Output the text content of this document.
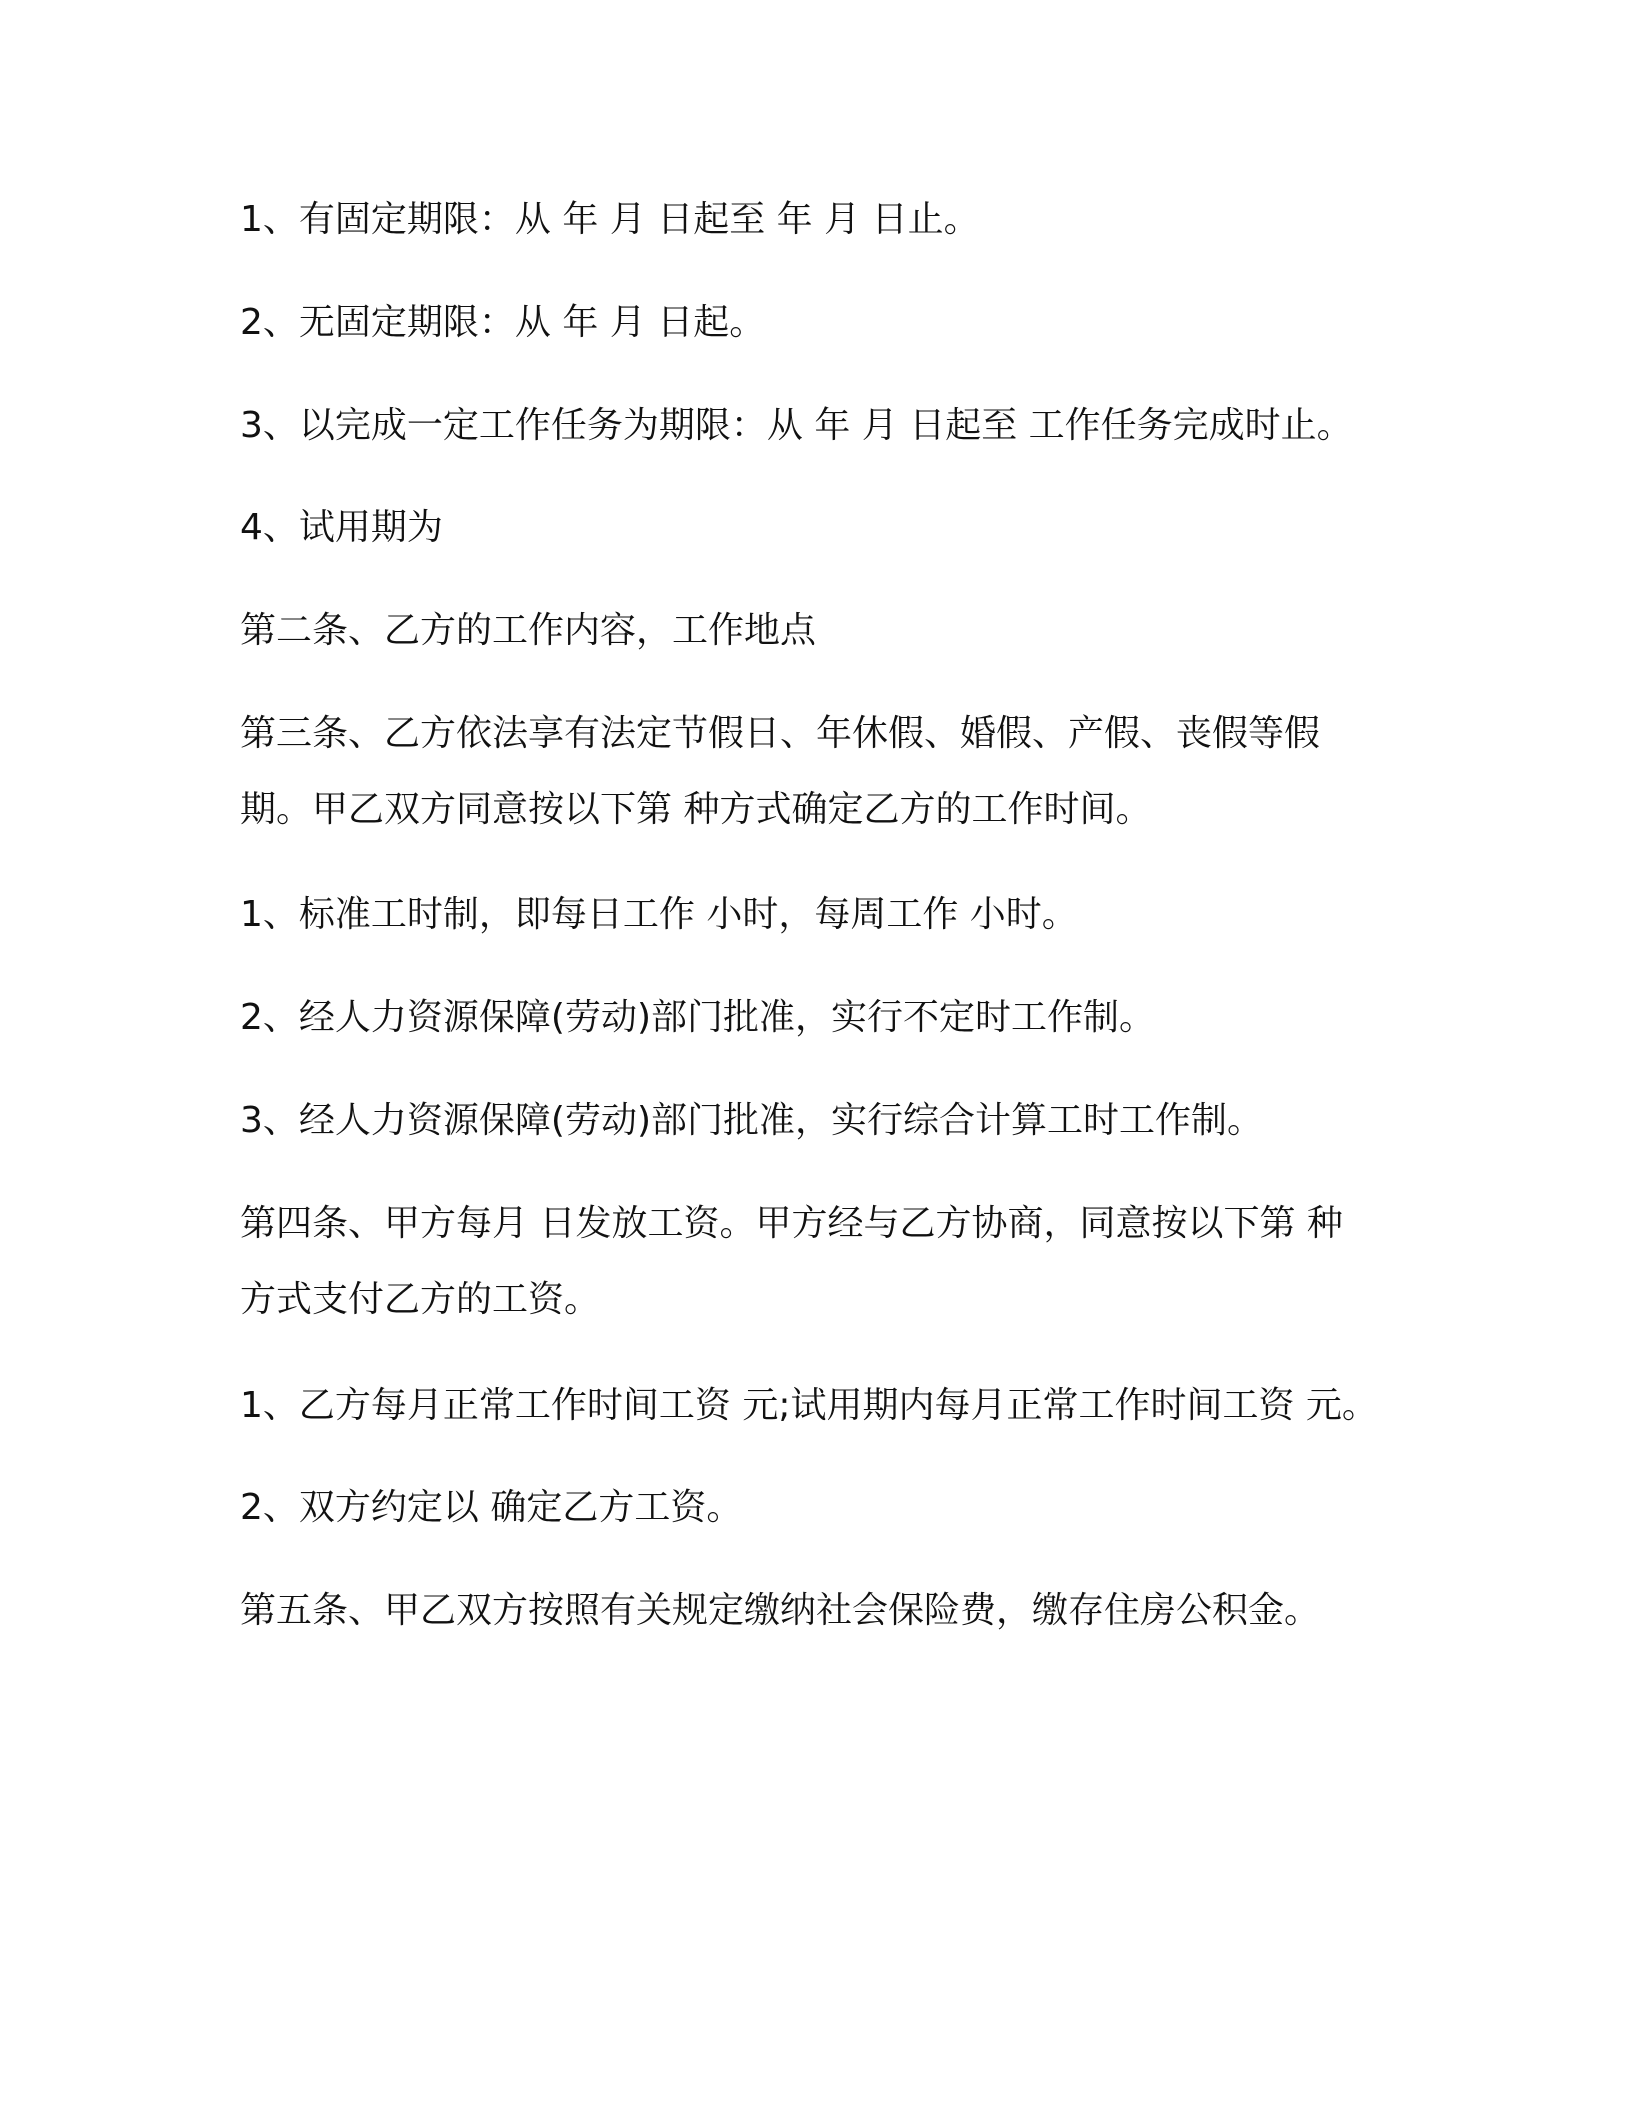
1、有固定期限：从 年 月 日起至 年 月 日止。

2、无固定期限：从 年 月 日起。

3、以完成一定工作任务为期限：从 年 月 日起至 工作任务完成时止。

4、试用期为

第二条、乙方的工作内容，工作地点

第三条、乙方依法享有法定节假日、年休假、婚假、产假、丧假等假

期。甲乙双方同意按以下第 种方式确定乙方的工作时间。

1、标准工时制，即每日工作 小时，每周工作 小时。

2、经人力资源保障(劳动)部门批准，实行不定时工作制。

3、经人力资源保障(劳动)部门批准，实行综合计算工时工作制。

第四条、甲方每月 日发放工资。甲方经与乙方协商，同意按以下第 种

方式支付乙方的工资。

1、乙方每月正常工作时间工资 元;试用期内每月正常工作时间工资 元。

2、双方约定以 确定乙方工资。

第五条、甲乙双方按照有关规定缴纳社会保险费，缴存住房公积金。
